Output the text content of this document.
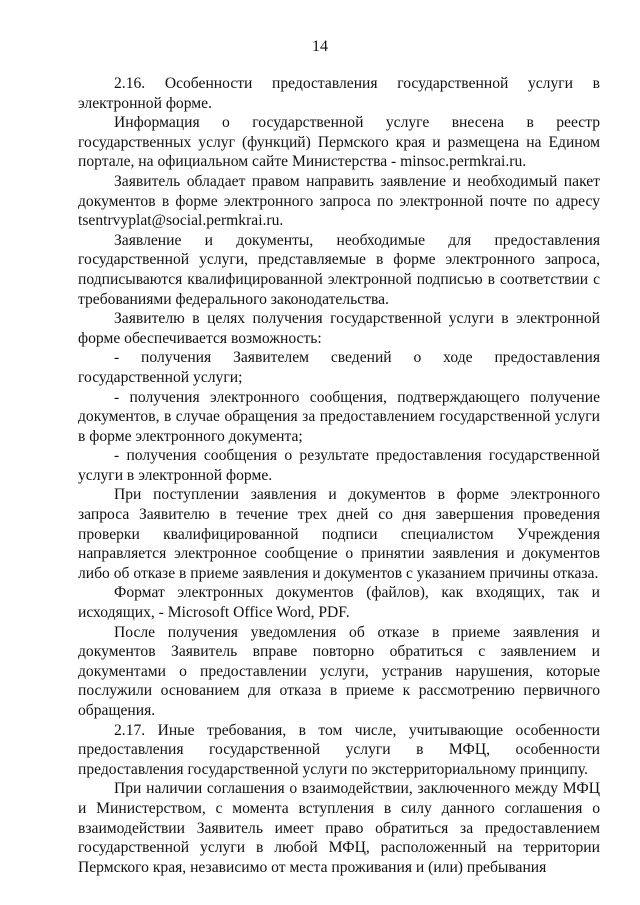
14

2.16. Особенности предоставления государственной услуги в электронной форме.

Информация о государственной услуге внесена в реестр государственных услуг (функций) Пермского края и размещена на Едином портале, на официальном сайте Министерства - minsoc.permkrai.ru.

Заявитель обладает правом направить заявление и необходимый пакет документов в форме электронного запроса по электронной почте по адресу tsentrvyplat@social.permkrai.ru.

Заявление и документы, необходимые для предоставления государственной услуги, представляемые в форме электронного запроса, подписываются квалифицированной электронной подписью в соответствии с требованиями федерального законодательства.

Заявителю в целях получения государственной услуги в электронной форме обеспечивается возможность:

- получения Заявителем сведений о ходе предоставления государственной услуги;

- получения электронного сообщения, подтверждающего получение документов, в случае обращения за предоставлением государственной услуги в форме электронного документа;

- получения сообщения о результате предоставления государственной услуги в электронной форме.

При поступлении заявления и документов в форме электронного запроса Заявителю в течение трех дней со дня завершения проведения проверки квалифицированной подписи специалистом Учреждения направляется электронное сообщение о принятии заявления и документов либо об отказе в приеме заявления и документов с указанием причины отказа.

Формат электронных документов (файлов), как входящих, так и исходящих, - Microsoft Office Word, PDF.

После получения уведомления об отказе в приеме заявления и документов Заявитель вправе повторно обратиться с заявлением и документами о предоставлении услуги, устранив нарушения, которые послужили основанием для отказа в приеме к рассмотрению первичного обращения.

2.17. Иные требования, в том числе, учитывающие особенности предоставления государственной услуги в МФЦ, особенности предоставления государственной услуги по экстерриториальному принципу.

При наличии соглашения о взаимодействии, заключенного между МФЦ и Министерством, с момента вступления в силу данного соглашения о взаимодействии Заявитель имеет право обратиться за предоставлением государственной услуги в любой МФЦ, расположенный на территории Пермского края, независимо от места проживания и (или) пребывания
